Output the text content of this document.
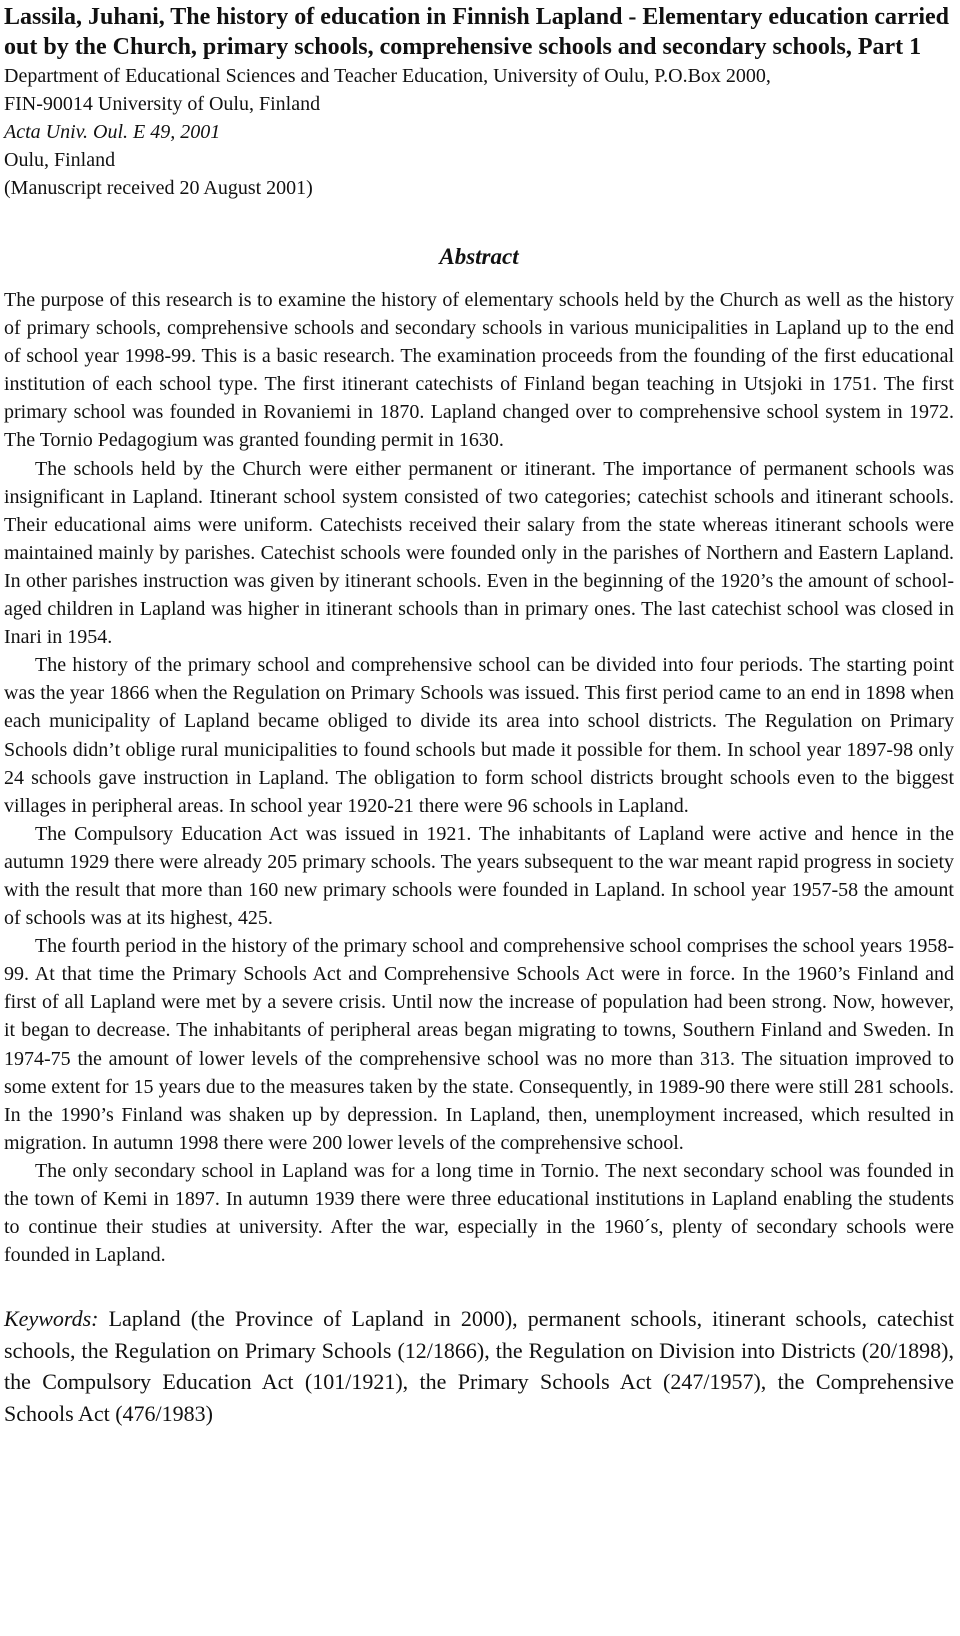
Lassila, Juhani, The history of education in Finnish Lapland - Elementary education carried out by the Church, primary schools, comprehensive schools and secondary schools, Part 1
Department of Educational Sciences and Teacher Education, University of Oulu, P.O.Box 2000,
FIN-90014 University of Oulu, Finland
Acta Univ. Oul. E 49, 2001
Oulu, Finland
(Manuscript received 20 August 2001)
Abstract

The purpose of this research is to examine the history of elementary schools held by the Church as well as the history of primary schools, comprehensive schools and secondary schools in various municipalities in Lapland up to the end of school year 1998-99. This is a basic research. The examination proceeds from the founding of the first educational institution of each school type. The first itinerant catechists of Finland began teaching in Utsjoki in 1751. The first primary school was founded in Rovaniemi in 1870. Lapland changed over to comprehensive school system in 1972. The Tornio Pedagogium was granted founding permit in 1630.

The schools held by the Church were either permanent or itinerant. The importance of permanent schools was insignificant in Lapland. Itinerant school system consisted of two categories; catechist schools and itinerant schools. Their educational aims were uniform. Catechists received their salary from the state whereas itinerant schools were maintained mainly by parishes. Catechist schools were founded only in the parishes of Northern and Eastern Lapland. In other parishes instruction was given by itinerant schools. Even in the beginning of the 1920’s the amount of school-aged children in Lapland was higher in itinerant schools than in primary ones. The last catechist school was closed in Inari in 1954.

The history of the primary school and comprehensive school can be divided into four periods. The starting point was the year 1866 when the Regulation on Primary Schools was issued. This first period came to an end in 1898 when each municipality of Lapland became obliged to divide its area into school districts. The Regulation on Primary Schools didn’t oblige rural municipalities to found schools but made it possible for them. In school year 1897-98 only 24 schools gave instruction in Lapland. The obligation to form school districts brought schools even to the biggest villages in peripheral areas. In school year 1920-21 there were 96 schools in Lapland.

The Compulsory Education Act was issued in 1921. The inhabitants of Lapland were active and hence in the autumn 1929 there were already 205 primary schools. The years subsequent to the war meant rapid progress in society with the result that more than 160 new primary schools were founded in Lapland. In school year 1957-58 the amount of schools was at its highest, 425.

The fourth period in the history of the primary school and comprehensive school comprises the school years 1958-99. At that time the Primary Schools Act and Comprehensive Schools Act were in force. In the 1960’s Finland and first of all Lapland were met by a severe crisis. Until now the increase of population had been strong. Now, however, it began to decrease. The inhabitants of peripheral areas began migrating to towns, Southern Finland and Sweden. In 1974-75 the amount of lower levels of the comprehensive school was no more than 313. The situation improved to some extent for 15 years due to the measures taken by the state. Consequently, in 1989-90 there were still 281 schools. In the 1990’s Finland was shaken up by depression. In Lapland, then, unemployment increased, which resulted in migration. In autumn 1998 there were 200 lower levels of the comprehensive school.

The only secondary school in Lapland was for a long time in Tornio. The next secondary school was founded in the town of Kemi in 1897. In autumn 1939 there were three educational institutions in Lapland enabling the students to continue their studies at university. After the war, especially in the 1960´s, plenty of secondary schools were founded in Lapland.

Keywords: Lapland (the Province of Lapland in 2000), permanent schools, itinerant schools, catechist schools, the Regulation on Primary Schools (12/1866), the Regulation on Division into Districts (20/1898), the Compulsory Education Act (101/1921), the Primary Schools Act (247/1957), the Comprehensive Schools Act (476/1983)
